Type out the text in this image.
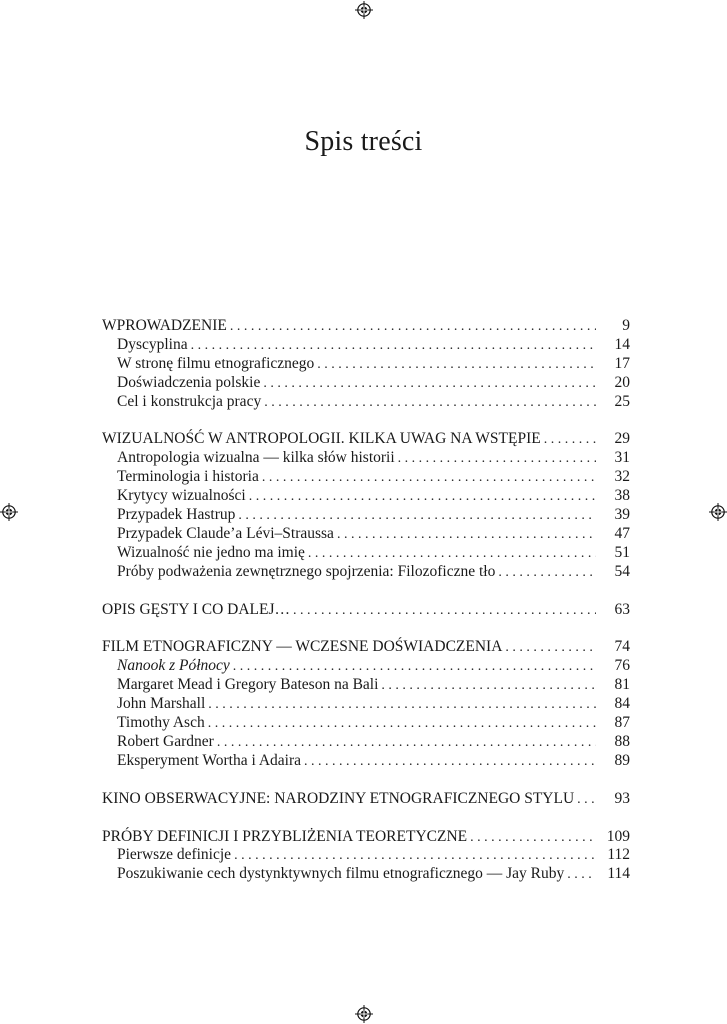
Spis treści
WPROWADZENIE . . .	9
Dyscyplina . . .	14
W stronę filmu etnograficznego . . .	17
Doświadczenia polskie . . .	20
Cel i konstrukcja pracy . . .	25
WIZUALNOŚĆ W ANTROPOLOGII. KILKA UWAG NA WSTĘPIE . . .	29
Antropologia wizualna — kilka słów historii . . .	31
Terminologia i historia . . .	32
Krytycy wizualności . . .	38
Przypadek Hastrup . . .	39
Przypadek Claude’a Lévi–Straussa . . .	47
Wizualność nie jedno ma imię . . .	51
Próby podważenia zewnętrznego spojrzenia: Filozoficzne tło . . .	54
OPIS GĘSTY I CO DALEJ… . . .	63
FILM ETNOGRAFICZNY — WCZESNE DOŚWIADCZENIA . . .	74
Nanook z Północy . . .	76
Margaret Mead i Gregory Bateson na Bali . . .	81
John Marshall . . .	84
Timothy Asch . . .	87
Robert Gardner . . .	88
Eksperyment Wortha i Adaira . . .	89
KINO OBSERWACYJNE: NARODZINY ETNOGRAFICZNEGO STYLU . . .	93
PRÓBY DEFINICJI I PRZYBLIŻENIA TEORETYCZNE . . .	109
Pierwsze definicje . . .	112
Poszukiwanie cech dystynktywnych filmu etnograficznego — Jay Ruby . . .	114
